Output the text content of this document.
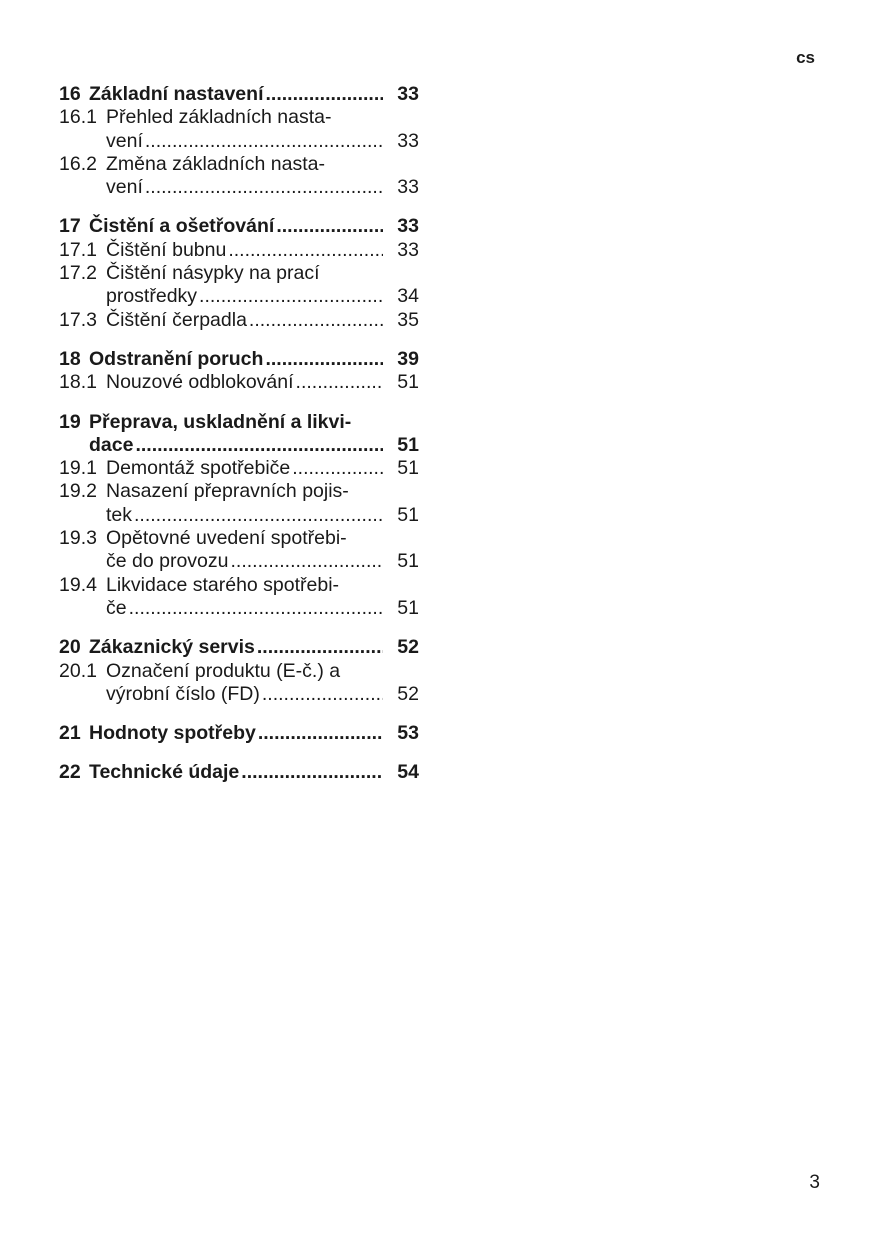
cs
16 Základní nastavení .....	33
16.1 Přehled základních nasta-
vení .....	33
16.2 Změna základních nasta-
vení .....	33
17 Čistění a ošetřování .....	33
17.1 Čištění bubnu .....	33
17.2 Čištění násypky na prací
prostředky .....	34
17.3 Čištění čerpadla .....	35
18 Odstranění poruch .....	39
18.1 Nouzové odblokování .....	51
19 Přeprava, uskladnění a likvi-
dace .....	51
19.1 Demontáž spotřebiče .....	51
19.2 Nasazení přepravních pojis-
tek .....	51
19.3 Opětovné uvedení spotřebi-
če do provozu .....	51
19.4 Likvidace starého spotřebi-
če .....	51
20 Zákaznický servis .....	52
20.1 Označení produktu (E-č.) a
výrobní číslo (FD) .....	52
21 Hodnoty spotřeby .....	53
22 Technické údaje .....	54
3
